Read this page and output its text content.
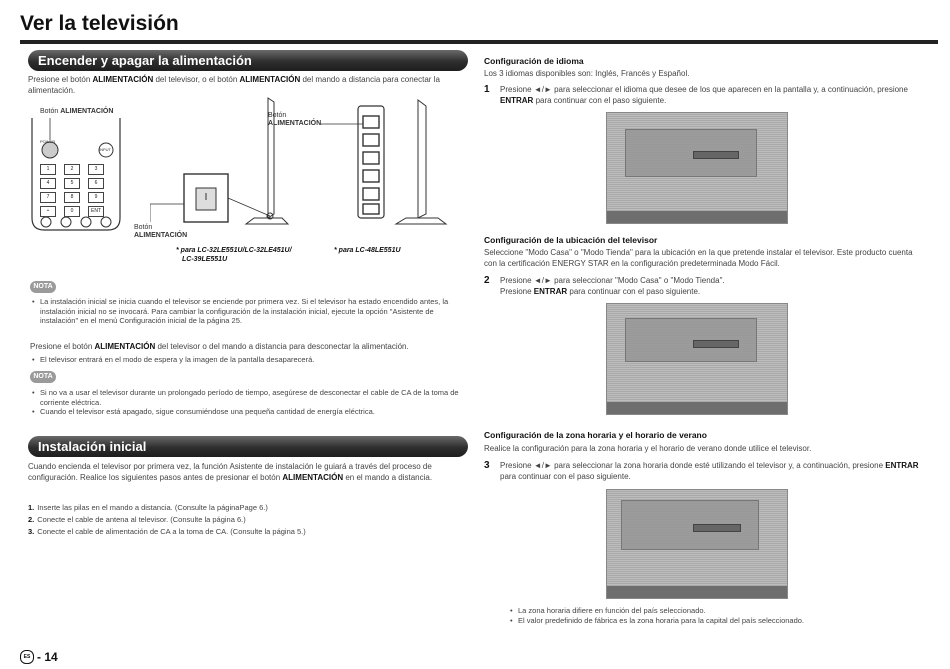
Ver la televisión
Encender y apagar la alimentación
Presione el botón ALIMENTACIÓN del televisor, o el botón ALIMENTACIÓN del mando a distancia para conectar la alimentación.
Botón ALIMENTACIÓN
POWER
INPUT
1	2	3
4	5	6
7	8	9
•	0	ENT
Botón
ALIMENTACIÓN
Botón
ALIMENTACIÓN
* para LC-32LE551U/LC-32LE451U/
LC-39LE551U
* para LC-48LE551U
NOTA
• La instalación inicial se inicia cuando el televisor se enciende por primera vez. Si el televisor ha estado encendido antes, la instalación inicial no se invocará. Para cambiar la configuración de la instalación inicial, ejecute la opción "Asistente de instalación" en el menú Configuración inicial de la página 25.
Presione el botón ALIMENTACIÓN del televisor o del mando a distancia para desconectar la alimentación.
• El televisor entrará en el modo de espera y la imagen de la pantalla desaparecerá.
NOTA
• Si no va a usar el televisor durante un prolongado período de tiempo, asegúrese de desconectar el cable de CA de la toma de corriente eléctrica.
• Cuando el televisor está apagado, sigue consumiéndose una pequeña cantidad de energía eléctrica.
Instalación inicial
Cuando encienda el televisor por primera vez, la función Asistente de instalación le guiará a través del proceso de configuración. Realice los siguientes pasos antes de presionar el botón ALIMENTACIÓN en el mando a distancia.
1. Inserte las pilas en el mando a distancia. (Consulte la páginaPage 6.)
2. Conecte el cable de antena al televisor. (Consulte la página 6.)
3. Conecte el cable de alimentación de CA a la toma de CA. (Consulte la página 5.)
ES - 14
Configuración de idioma
Los 3 idiomas disponibles son: Inglés, Francés y Español.
1 Presione ◄/► para seleccionar el idioma que desee de los que aparecen en la pantalla y, a continuación, presione ENTRAR para continuar con el paso siguiente.
Configuración de la ubicación del televisor
Seleccione "Modo Casa" o "Modo Tienda" para la ubicación en la que pretende instalar el televisor. Este producto cuenta con la certificación ENERGY STAR en la configuración predeterminada Modo Fácil.
2 Presione ◄/► para seleccionar "Modo Casa" o "Modo Tienda".
Presione ENTRAR para continuar con el paso siguiente.
Configuración de la zona horaria y el horario de verano
Realice la configuración para la zona horaria y el horario de verano donde utilice el televisor.
3 Presione ◄/► para seleccionar la zona horaria donde esté utilizando el televisor y, a continuación, presione ENTRAR para continuar con el paso siguiente.
• La zona horaria difiere en función del país seleccionado.
• El valor predefinido de fábrica es la zona horaria para la capital del país seleccionado.
